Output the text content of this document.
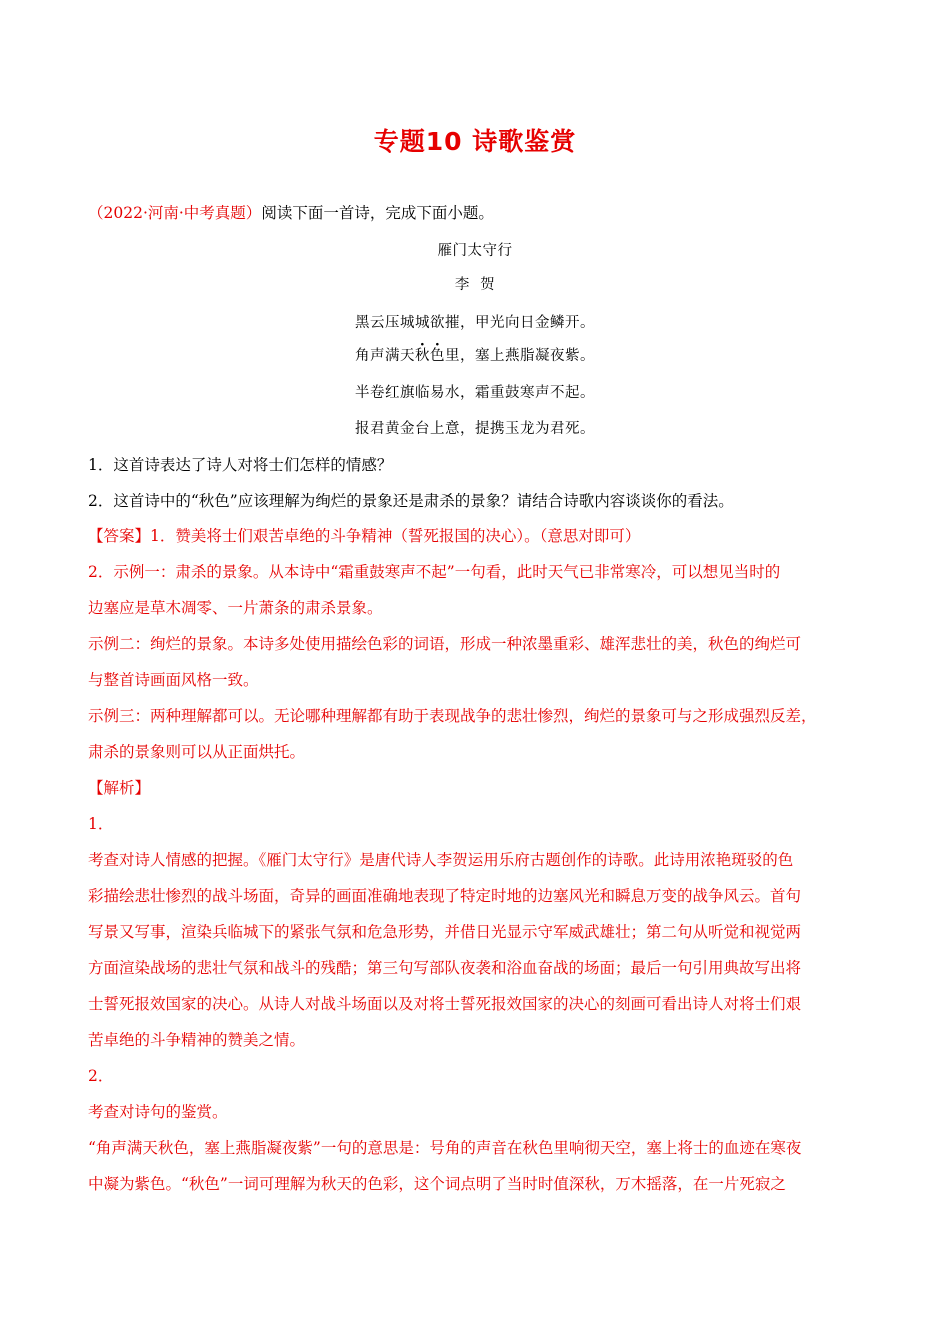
专题10 诗歌鉴赏
（2022·河南·中考真题）阅读下面一首诗，完成下面小题。
雁门太守行
李  贺
黑云压城城欲摧，甲光向日金鳞开。
角声满天秋色里，塞上燕脂凝夜紫。
半卷红旗临易水，霜重鼓寒声不起。
报君黄金台上意，提携玉龙为君死。
1．这首诗表达了诗人对将士们怎样的情感？
2．这首诗中的“秋色”应该理解为绚烂的景象还是肃杀的景象？请结合诗歌内容谈谈你的看法。
【答案】1．赞美将士们艰苦卓绝的斗争精神（誓死报国的决心）。（意思对即可）
2．示例一：肃杀的景象。从本诗中“霜重鼓寒声不起”一句看，此时天气已非常寒冷，可以想见当时的
边塞应是草木凋零、一片萧条的肃杀景象。
示例二：绚烂的景象。本诗多处使用描绘色彩的词语，形成一种浓墨重彩、雄浑悲壮的美，秋色的绚烂可
与整首诗画面风格一致。
示例三：两种理解都可以。无论哪种理解都有助于表现战争的悲壮惨烈，绚烂的景象可与之形成强烈反差，
肃杀的景象则可以从正面烘托。
【解析】
1．
考查对诗人情感的把握。《雁门太守行》是唐代诗人李贺运用乐府古题创作的诗歌。此诗用浓艳斑驳的色
彩描绘悲壮惨烈的战斗场面，奇异的画面准确地表现了特定时地的边塞风光和瞬息万变的战争风云。首句
写景又写事，渲染兵临城下的紧张气氛和危急形势，并借日光显示守军威武雄壮；第二句从听觉和视觉两
方面渲染战场的悲壮气氛和战斗的残酷；第三句写部队夜袭和浴血奋战的场面；最后一句引用典故写出将
士誓死报效国家的决心。从诗人对战斗场面以及对将士誓死报效国家的决心的刻画可看出诗人对将士们艰
苦卓绝的斗争精神的赞美之情。
2．
考查对诗句的鉴赏。
“角声满天秋色，塞上燕脂凝夜紫”一句的意思是：号角的声音在秋色里响彻天空，塞上将士的血迹在寒夜
中凝为紫色。“秋色”一词可理解为秋天的色彩，这个词点明了当时时值深秋，万木摇落，在一片死寂之
